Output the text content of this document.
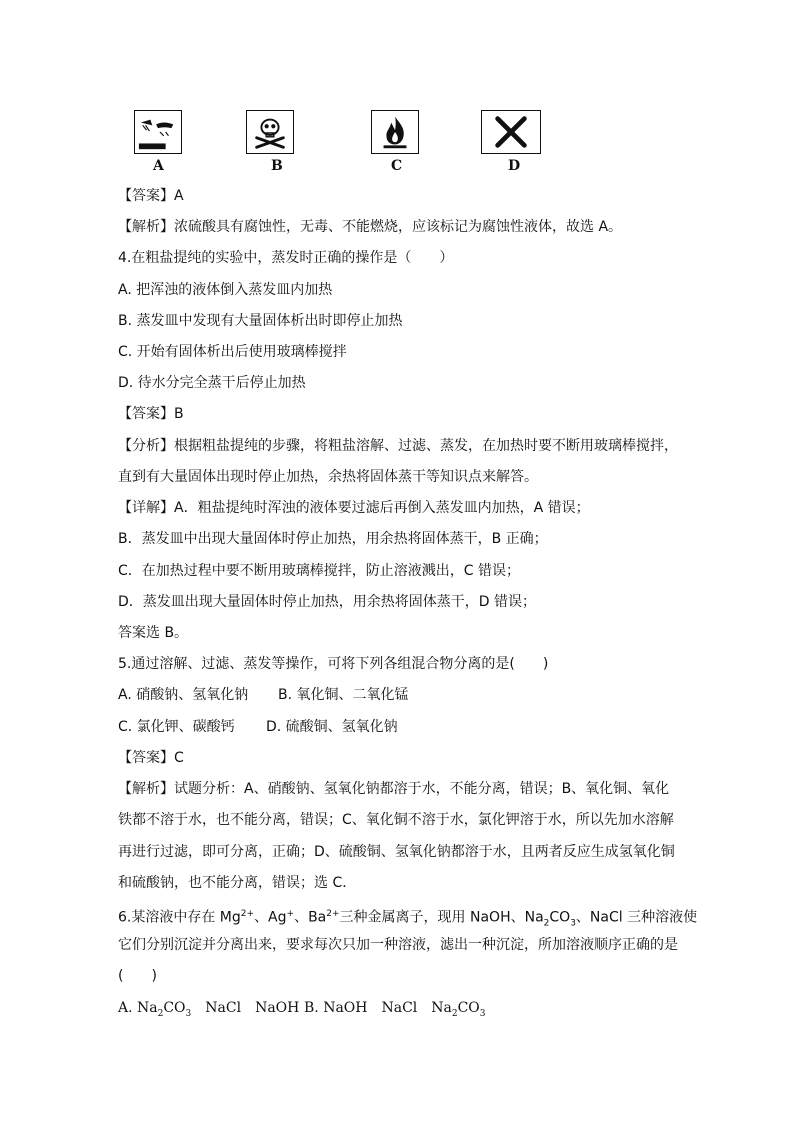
A	B	C	D
【答案】A
【解析】浓硫酸具有腐蚀性，无毒、不能燃烧，应该标记为腐蚀性液体，故选 A。
4.在粗盐提纯的实验中，蒸发时正确的操作是（　　）
A. 把浑浊的液体倒入蒸发皿内加热
B. 蒸发皿中发现有大量固体析出时即停止加热
C. 开始有固体析出后使用玻璃棒搅拌
D. 待水分完全蒸干后停止加热
【答案】B
【分析】根据粗盐提纯的步骤，将粗盐溶解、过滤、蒸发，在加热时要不断用玻璃棒搅拌，
直到有大量固体出现时停止加热，余热将固体蒸干等知识点来解答。
【详解】A．粗盐提纯时浑浊的液体要过滤后再倒入蒸发皿内加热，A 错误；
B．蒸发皿中出现大量固体时停止加热，用余热将固体蒸干，B 正确；
C．在加热过程中要不断用玻璃棒搅拌，防止溶液溅出，C 错误；
D．蒸发皿出现大量固体时停止加热，用余热将固体蒸干，D 错误；
答案选 B。
5.通过溶解、过滤、蒸发等操作，可将下列各组混合物分离的是(　　)
A. 硝酸钠、氢氧化钠 B. 氧化铜、二氧化锰
C. 氯化钾、碳酸钙 D. 硫酸铜、氢氧化钠
【答案】C
【解析】试题分析：A、硝酸钠、氢氧化钠都溶于水，不能分离，错误；B、氧化铜、氧化
铁都不溶于水，也不能分离，错误；C、氧化铜不溶于水，氯化钾溶于水，所以先加水溶解
再进行过滤，即可分离，正确；D、硫酸铜、氢氧化钠都溶于水，且两者反应生成氢氧化铜
和硫酸钠，也不能分离，错误；选 C．
6.某溶液中存在 $Mg^{2+}$、Ag+、$Ba^{2+}$三种金属离子，现用 NaOH、$Na_2CO_3$、NaCl 三种溶液使
它们分别沉淀并分离出来，要求每次只加一种溶液，滤出一种沉淀，所加溶液顺序正确的是
(　　)
A. $Na_2CO_3$　NaCl　NaOH B. NaOH　NaCl　$Na_2CO_3$
